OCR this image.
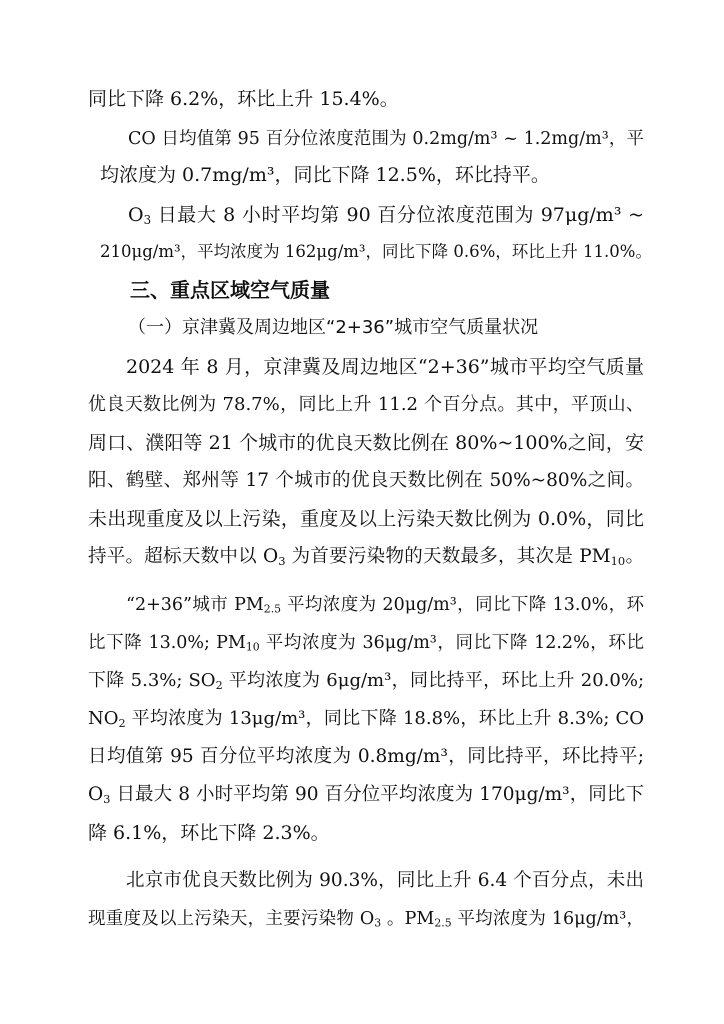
同比下降 6.2%，环比上升 15.4%。
CO 日均值第 95 百分位浓度范围为 0.2mg/m³ ~ 1.2mg/m³，平
均浓度为 0.7mg/m³，同比下降 12.5%，环比持平。
$O_3$ 日最大 8 小时平均第 90 百分位浓度范围为 97μg/m³ ~
210μg/m³，平均浓度为 162μg/m³，同比下降 0.6%，环比上升 11.0%。
三、重点区域空气质量
（一）京津冀及周边地区“2+36”城市空气质量状况
2024 年 8 月，京津冀及周边地区“2+36”城市平均空气质量
优良天数比例为 78.7%，同比上升 11.2 个百分点。其中，平顶山、
周口、濮阳等 21 个城市的优良天数比例在 80%~100%之间，安
阳、鹤壁、郑州等 17 个城市的优良天数比例在 50%~80%之间。
未出现重度及以上污染，重度及以上污染天数比例为 0.0%，同比
持平。超标天数中以 $O_3$ 为首要污染物的天数最多，其次是 $PM_{10}$。
“2+36”城市 $PM_{2.5}$ 平均浓度为 20μg/m³，同比下降 13.0%，环
比下降 13.0%; $PM_{10}$ 平均浓度为 36μg/m³，同比下降 12.2%，环比
下降 5.3%; $SO_2$ 平均浓度为 6μg/m³，同比持平，环比上升 20.0%;
$NO_2$ 平均浓度为 13μg/m³，同比下降 18.8%，环比上升 8.3%; CO
日均值第 95 百分位平均浓度为 0.8mg/m³，同比持平，环比持平;
$O_3$ 日最大 8 小时平均第 90 百分位平均浓度为 170μg/m³，同比下
降 6.1%，环比下降 2.3%。
北京市优良天数比例为 90.3%，同比上升 6.4 个百分点，未出
现重度及以上污染天，主要污染物 $O_3$ 。$PM_{2.5}$ 平均浓度为 16μg/m³，
